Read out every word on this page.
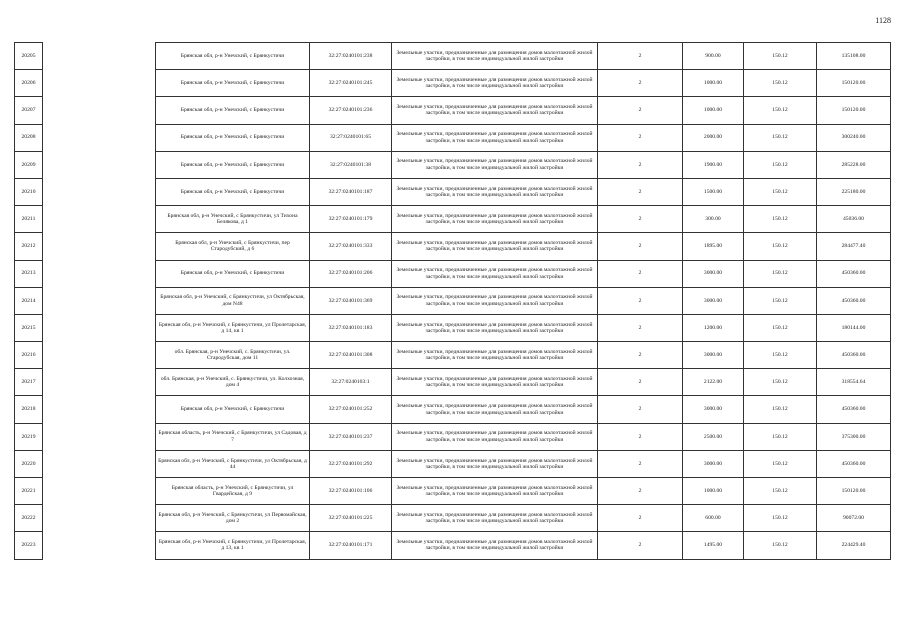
1128
20205		Брянская обл, р-н Унечский, с Брянкустичи	32:27:0240101:238	Земельные участки, предназначенные для размещения домов малоэтажной жилой застройки, в том числе индивидуальной жилой застройки	2	900.00	150.12	135108.00
20206		Брянская обл, р-н Унечский, с Брянкустичи	32:27:0240101:245	Земельные участки, предназначенные для размещения домов малоэтажной жилой застройки, в том числе индивидуальной жилой застройки	2	1000.00	150.12	150120.00
20207		Брянская обл, р-н Унечский, с Брянкустичи	32:27:0240101:236	Земельные участки, предназначенные для размещения домов малоэтажной жилой застройки, в том числе индивидуальной жилой застройки	2	1000.00	150.12	150120.00
20208		Брянская обл, р-н Унечский, с Брянкустичи	32:27:0240101:65	Земельные участки, предназначенные для размещения домов малоэтажной жилой застройки, в том числе индивидуальной жилой застройки	2	2000.00	150.12	300240.00
20209		Брянская обл, р-н Унечский, с Брянкустичи	32:27:0240101:38	Земельные участки, предназначенные для размещения домов малоэтажной жилой застройки, в том числе индивидуальной жилой застройки	2	1900.00	150.12	285228.00
20210		Брянская обл, р-н Унечский, с Брянкустичи	32:27:0240101:187	Земельные участки, предназначенные для размещения домов малоэтажной жилой застройки, в том числе индивидуальной жилой застройки	2	1500.00	150.12	225180.00
20211		Брянская обл, р-н Унечский, с Брянкустичи, ул Тихона Белякова, д 1	32:27:0240101:179	Земельные участки, предназначенные для размещения домов малоэтажной жилой застройки, в том числе индивидуальной жилой застройки	2	300.00	150.12	45036.00
20212		Брянская обл, р-н Унечский, с Брянкустичи, пер Стародубский, д 6	32:27:0240101:333	Земельные участки, предназначенные для размещения домов малоэтажной жилой застройки, в том числе индивидуальной жилой застройки	2	1895.00	150.12	284477.40
20213		Брянская обл, р-н Унечский, с Брянкустичи	32:27:0240101:206	Земельные участки, предназначенные для размещения домов малоэтажной жилой застройки, в том числе индивидуальной жилой застройки	2	3000.00	150.12	450360.00
20214		Брянская обл, р-н Унечский, с Брянкустичи, ул Октябрьская, дом N48	32:27:0240101:369	Земельные участки, предназначенные для размещения домов малоэтажной жилой застройки, в том числе индивидуальной жилой застройки	2	3000.00	150.12	450360.00
20215		Брянская обл, р-н Унечский, с Брянкустичи, ул Пролетарская, д 14, кв 1	32:27:0240101:183	Земельные участки, предназначенные для размещения домов малоэтажной жилой застройки, в том числе индивидуальной жилой застройки	2	1200.00	150.12	180144.00
20216		обл. Брянская, р-н Унечский, с. Брянкустичи, ул. Стародубская, дом 11	32:27:0240101:308	Земельные участки, предназначенные для размещения домов малоэтажной жилой застройки, в том числе индивидуальной жилой застройки	2	3000.00	150.12	450360.00
20217		обл. Брянская, р-н Унечский, с. Брянкустичи, ул. Колхозная, дом 4	32:27:0240103:1	Земельные участки, предназначенные для размещения домов малоэтажной жилой застройки, в том числе индивидуальной жилой застройки	2	2122.00	150.12	318554.64
20218		Брянская обл, р-н Унечский, с Брянкустичи	32:27:0240101:252	Земельные участки, предназначенные для размещения домов малоэтажной жилой застройки, в том числе индивидуальной жилой застройки	2	3000.00	150.12	450360.00
20219		Брянская область, р-н Унечский, с Брянкустичи, ул Садовая, д 7	32:27:0240101:237	Земельные участки, предназначенные для размещения домов малоэтажной жилой застройки, в том числе индивидуальной жилой застройки	2	2500.00	150.12	375300.00
20220		Брянская обл, р-н Унечский, с Брянкустичи, ул Октябрьская, д 44	32:27:0240101:292	Земельные участки, предназначенные для размещения домов малоэтажной жилой застройки, в том числе индивидуальной жилой застройки	2	3000.00	150.12	450360.00
20221		Брянская область, р-н Унечский, с Брянкустичи, ул Гвардейская, д 9	32:27:0240101:106	Земельные участки, предназначенные для размещения домов малоэтажной жилой застройки, в том числе индивидуальной жилой застройки	2	1000.00	150.12	150120.00
20222		Брянская обл, р-н Унечский, с Брянкустичи, ул Первомайская, дом 2	32:27:0240101:225	Земельные участки, предназначенные для размещения домов малоэтажной жилой застройки, в том числе индивидуальной жилой застройки	2	600.00	150.12	90072.00
20223		Брянская обл, р-н Унечский, с Брянкустичи, ул Пролетарская, д 13, кв 1	32:27:0240101:171	Земельные участки, предназначенные для размещения домов малоэтажной жилой застройки, в том числе индивидуальной жилой застройки	2	1495.00	150.12	224429.40
